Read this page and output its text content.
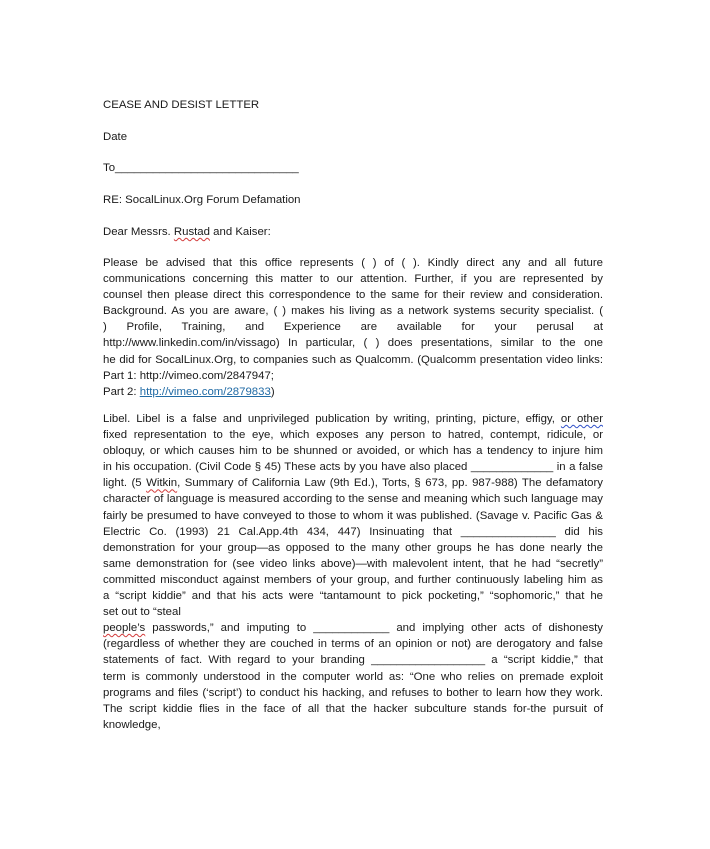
CEASE AND DESIST LETTER
Date
To_____________________________
RE: SocalLinux.Org Forum Defamation
Dear Messrs. Rustad and Kaiser:
Please be advised that this office represents ( ) of ( ). Kindly direct any and all future
communications concerning this matter to our attention. Further, if you are represented by
counsel then please direct this correspondence to the same for their review and consideration.
Background. As you are aware, ( ) makes his living as a network systems security specialist. (
) Profile, Training, and Experience are available for your perusal at
http://www.linkedin.com/in/vissago) In particular, ( ) does presentations, similar to the one
he did for SocalLinux.Org, to companies such as Qualcomm. (Qualcomm presentation video links:
Part 1: http://vimeo.com/2847947;
Part 2: http://vimeo.com/2879833)
Libel. Libel is a false and unprivileged publication by writing, printing, picture, effigy, or other
fixed representation to the eye, which exposes any person to hatred, contempt, ridicule, or
obloquy, or which causes him to be shunned or avoided, or which has a tendency to injure him
in his occupation. (Civil Code § 45) These acts by you have also placed _____________ in a false
light. (5 Witkin, Summary of California Law (9th Ed.), Torts, § 673, pp. 987-988) The defamatory
character of language is measured according to the sense and meaning which such language may
fairly be presumed to have conveyed to those to whom it was published. (Savage v. Pacific Gas &
Electric Co. (1993) 21 Cal.App.4th 434, 447) Insinuating that _______________ did his
demonstration for your group—as opposed to the many other groups he has done nearly the
same demonstration for (see video links above)—with malevolent intent, that he had “secretly”
committed misconduct against members of your group, and further continuously labeling him as
a “script kiddie” and that his acts were “tantamount to pick pocketing,” “sophomoric,” that he
set out to “steal
people’s passwords,” and imputing to ____________ and implying other acts of dishonesty
(regardless of whether they are couched in terms of an opinion or not) are derogatory and false
statements of fact. With regard to your branding __________________ a “script kiddie,” that
term is commonly understood in the computer world as: “One who relies on premade exploit
programs and files (‘script’) to conduct his hacking, and refuses to bother to learn how they work.
The script kiddie flies in the face of all that the hacker subculture stands for-the pursuit of
knowledge,
